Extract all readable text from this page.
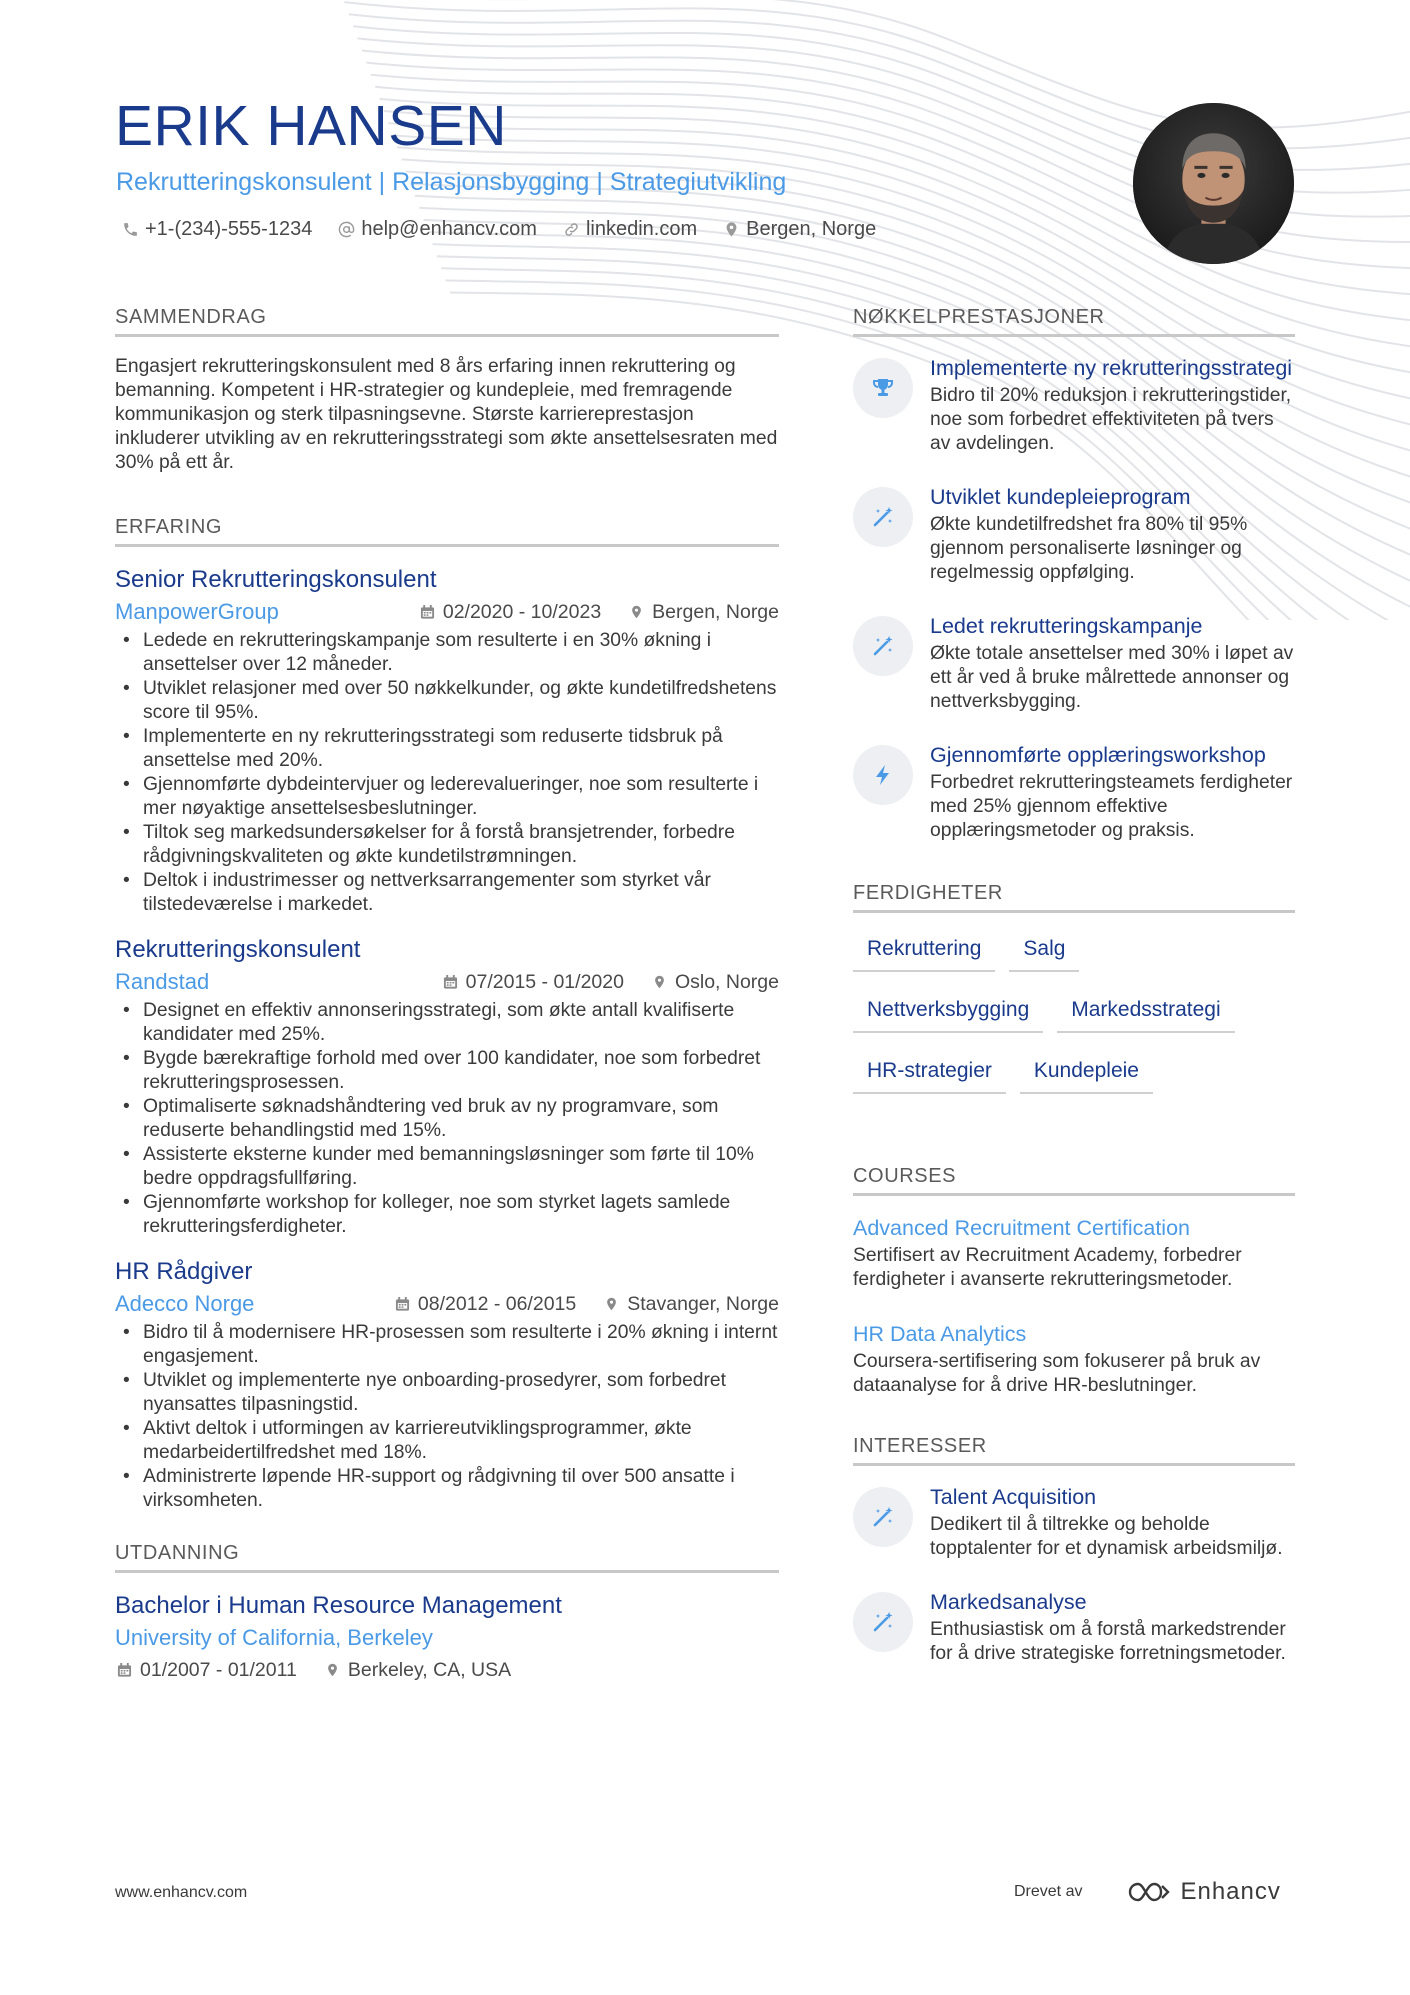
ERIK HANSEN
Rekrutteringskonsulent | Relasjonsbygging | Strategiutvikling
+1-(234)-555-1234 help@enhancv.com linkedin.com Bergen, Norge
SAMMENDRAG
Engasjert rekrutteringskonsulent med 8 års erfaring innen rekruttering og bemanning. Kompetent i HR-strategier og kundepleie, med fremragende kommunikasjon og sterk tilpasningsevne. Største karriereprestasjon inkluderer utvikling av en rekrutteringsstrategi som økte ansettelsesraten med 30% på ett år.
ERFARING
Senior Rekrutteringskonsulent
ManpowerGroup	02/2020 - 10/2023	Bergen, Norge
• Ledede en rekrutteringskampanje som resulterte i en 30% økning i ansettelser over 12 måneder.
• Utviklet relasjoner med over 50 nøkkelkunder, og økte kundetilfredshetens score til 95%.
• Implementerte en ny rekrutteringsstrategi som reduserte tidsbruk på ansettelse med 20%.
• Gjennomførte dybdeintervjuer og lederevalueringer, noe som resulterte i mer nøyaktige ansettelsesbeslutninger.
• Tiltok seg markedsundersøkelser for å forstå bransjetrender, forbedre rådgivningskvaliteten og økte kundetilstrømningen.
• Deltok i industrimesser og nettverksarrangementer som styrket vår tilstedeværelse i markedet.
Rekrutteringskonsulent
Randstad	07/2015 - 01/2020	Oslo, Norge
• Designet en effektiv annonseringsstrategi, som økte antall kvalifiserte kandidater med 25%.
• Bygde bærekraftige forhold med over 100 kandidater, noe som forbedret rekrutteringsprosessen.
• Optimaliserte søknadshåndtering ved bruk av ny programvare, som reduserte behandlingstid med 15%.
• Assisterte eksterne kunder med bemanningsløsninger som førte til 10% bedre oppdragsfullføring.
• Gjennomførte workshop for kolleger, noe som styrket lagets samlede rekrutteringsferdigheter.
HR Rådgiver
Adecco Norge	08/2012 - 06/2015	Stavanger, Norge
• Bidro til å modernisere HR-prosessen som resulterte i 20% økning i internt engasjement.
• Utviklet og implementerte nye onboarding-prosedyrer, som forbedret nyansattes tilpasningstid.
• Aktivt deltok i utformingen av karriereutviklingsprogrammer, økte medarbeidertilfredshet med 18%.
• Administrerte løpende HR-support og rådgivning til over 500 ansatte i virksomheten.
UTDANNING
Bachelor i Human Resource Management
University of California, Berkeley
01/2007 - 01/2011	Berkeley, CA, USA
NØKKELPRESTASJONER
Implementerte ny rekrutteringsstrategi
Bidro til 20% reduksjon i rekrutteringstider, noe som forbedret effektiviteten på tvers av avdelingen.
Utviklet kundepleieprogram
Økte kundetilfredshet fra 80% til 95% gjennom personaliserte løsninger og regelmessig oppfølging.
Ledet rekrutteringskampanje
Økte totale ansettelser med 30% i løpet av ett år ved å bruke målrettede annonser og nettverksbygging.
Gjennomførte opplæringsworkshop
Forbedret rekrutteringsteamets ferdigheter med 25% gjennom effektive opplæringsmetoder og praksis.
FERDIGHETER
Rekruttering	Salg
Nettverksbygging	Markedsstrategi
HR-strategier	Kundepleie
COURSES
Advanced Recruitment Certification
Sertifisert av Recruitment Academy, forbedrer ferdigheter i avanserte rekrutteringsmetoder.
HR Data Analytics
Coursera-sertifisering som fokuserer på bruk av dataanalyse for å drive HR-beslutninger.
INTERESSER
Talent Acquisition
Dedikert til å tiltrekke og beholde topptalenter for et dynamisk arbeidsmiljø.
Markedsanalyse
Enthusiastisk om å forstå markedstrender for å drive strategiske forretningsmetoder.
www.enhancv.com	Drevet av	Enhancv
